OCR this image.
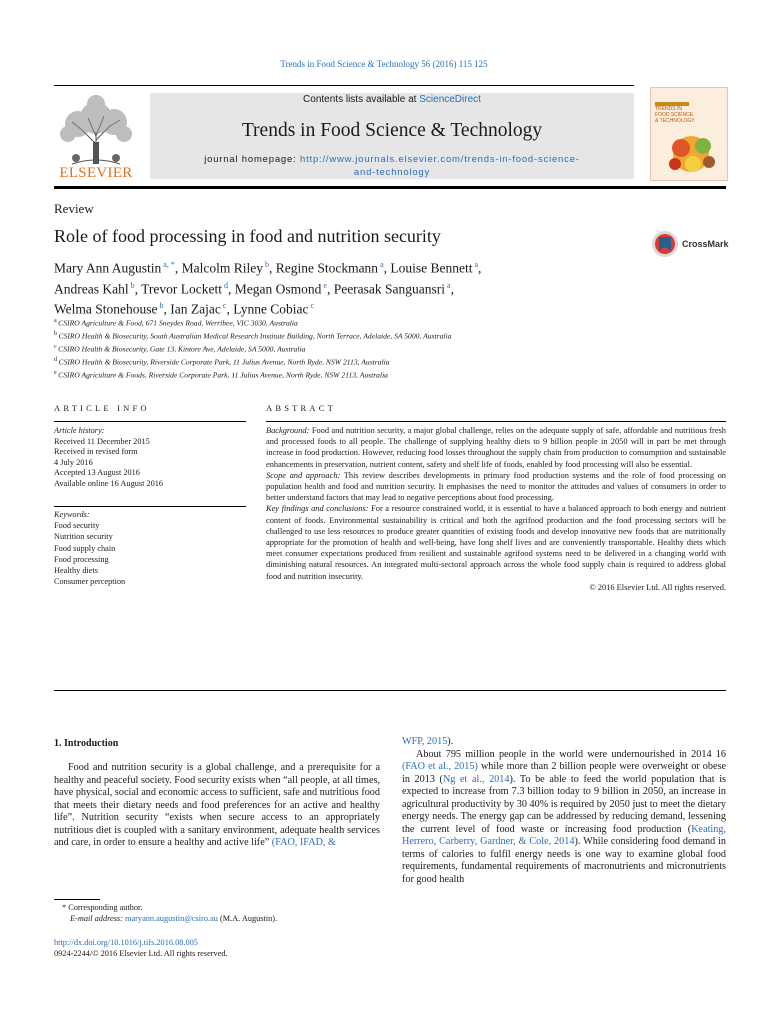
Trends in Food Science & Technology 56 (2016) 115 125
ELSEVIER
Contents lists available at ScienceDirect
Trends in Food Science & Technology
journal homepage: http://www.journals.elsevier.com/trends-in-food-science-
and-technology
TRENDS IN
FOOD SCIENCE
& TECHNOLOGY
Review
Role of food processing in food and nutrition security	CrossMark
Mary Ann Augustin $^{a, *}$, Malcolm Riley $^b$, Regine Stockmann $^a$, Louise Bennett $^a$,
Andreas Kahl $^b$, Trevor Lockett $^d$, Megan Osmond $^e$, Peerasak Sanguansri $^a$,
Welma Stonehouse $^b$, Ian Zajac $^c$, Lynne Cobiac $^c$
$^a$ CSIRO Agriculture & Food, 671 Sneydes Road, Werribee, VIC 3030, Australia
$^b$ CSIRO Health & Biosecurity, South Australian Medical Research Institute Building, North Terrace, Adelaide, SA 5000, Australia
$^c$ CSIRO Health & Biosecurity, Gate 13, Kintore Ave, Adelaide, SA 5000, Australia
$^d$ CSIRO Health & Biosecurity, Riverside Corporate Park, 11 Julius Avenue, North Ryde, NSW 2113, Australia
$^e$ CSIRO Agriculture & Foods, Riverside Corporate Park, 11 Julius Avenue, North Ryde, NSW 2113, Australia
ARTICLE INFO	ABSTRACT
Article history:
Received 11 December 2015
Received in revised form
4 July 2016
Accepted 13 August 2016
Available online 16 August 2016
Keywords:
Food security
Nutrition security
Food supply chain
Food processing
Healthy diets
Consumer perception

Background: Food and nutrition security, a major global challenge, relies on the adequate supply of safe, affordable and nutritious fresh and processed foods to all people. The challenge of supplying healthy diets to 9 billion people in 2050 will in part be met through increase in food production. However, reducing food losses throughout the supply chain from production to consumption and sustainable enhancements in preservation, nutrient content, safety and shelf life of foods, enabled by food processing will also be essential.

Scope and approach: This review describes developments in primary food production systems and the role of food processing on population health and food and nutrition security. It emphasises the need to monitor the attitudes and values of consumers in order to better understand factors that may lead to negative perceptions about food processing.

Key findings and conclusions: For a resource constrained world, it is essential to have a balanced approach to both energy and nutrient content of foods. Environmental sustainability is critical and both the agrifood production and the food processing sectors will be challenged to use less resources to produce greater quantities of existing foods and develop innovative new foods that are nutritionally appropriate for the promotion of health and well-being, have long shelf lives and are conveniently transportable. Healthy diets which meet consumer expectations produced from resilient and sustainable agrifood systems need to be delivered in a changing world with diminishing natural resources. An integrated multi-sectoral approach across the whole food supply chain is required to address global food and nutrition insecurity.

© 2016 Elsevier Ltd. All rights reserved.

1. Introduction

Food and nutrition security is a global challenge, and a prerequisite for a healthy and peaceful society. Food security exists when “all people, at all times, have physical, social and economic access to sufficient, safe and nutritious food that meets their dietary needs and food preferences for an active and healthy life”. Nutrition security “exists when secure access to an appropriately nutritious diet is coupled with a sanitary environment, adequate health services and care, in order to ensure a healthy and active life” (FAO, IFAD, &

WFP, 2015).

About 795 million people in the world were undernourished in 2014 16 (FAO et al., 2015) while more than 2 billion people were overweight or obese in 2013 (Ng et al., 2014). To be able to feed the world population that is expected to increase from 7.3 billion today to 9 billion in 2050, an increase in agricultural productivity by 30 40% is required by 2050 just to meet the dietary energy needs. The energy gap can be addressed by reducing demand, lessening the current level of food waste or increasing food production (Keating, Herrero, Carberry, Gardner, & Cole, 2014). While considering food demand in terms of calories to fulfil energy needs is one way to examine global food requirements, fundamental requirements of macronutrients and micronutrients for good health

* Corresponding author.
E-mail address: maryann.augustin@csiro.au (M.A. Augustin).
http://dx.doi.org/10.1016/j.tifs.2016.08.005
0924-2244/© 2016 Elsevier Ltd. All rights reserved.
